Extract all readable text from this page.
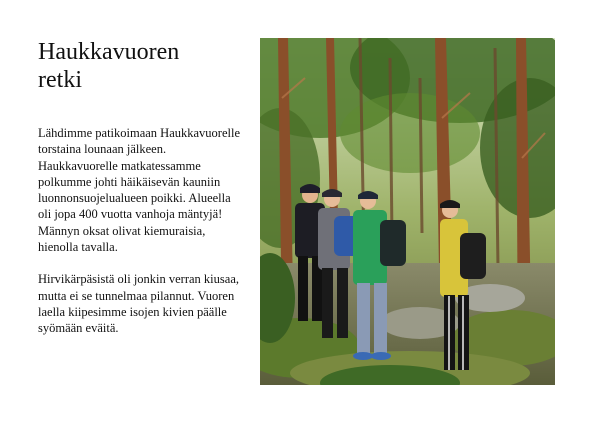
Haukkavuoren
retki

Lähdimme patikoimaan Haukkavuorelle torstaina lounaan jälkeen. Haukkavuorelle matkatessamme polkumme johti häikäisevän kauniin luonnonsuojelualueen poikki. Alueella oli jopa 400 vuotta vanhoja mäntyjä! Männyn oksat olivat kiemuraisia, hienolla tavalla.

Hirvikärpäsistä oli jonkin verran kiusaa, mutta ei se tunnelmaa pilannut. Vuoren laella kiipesimme isojen kivien päälle syömään eväitä.
